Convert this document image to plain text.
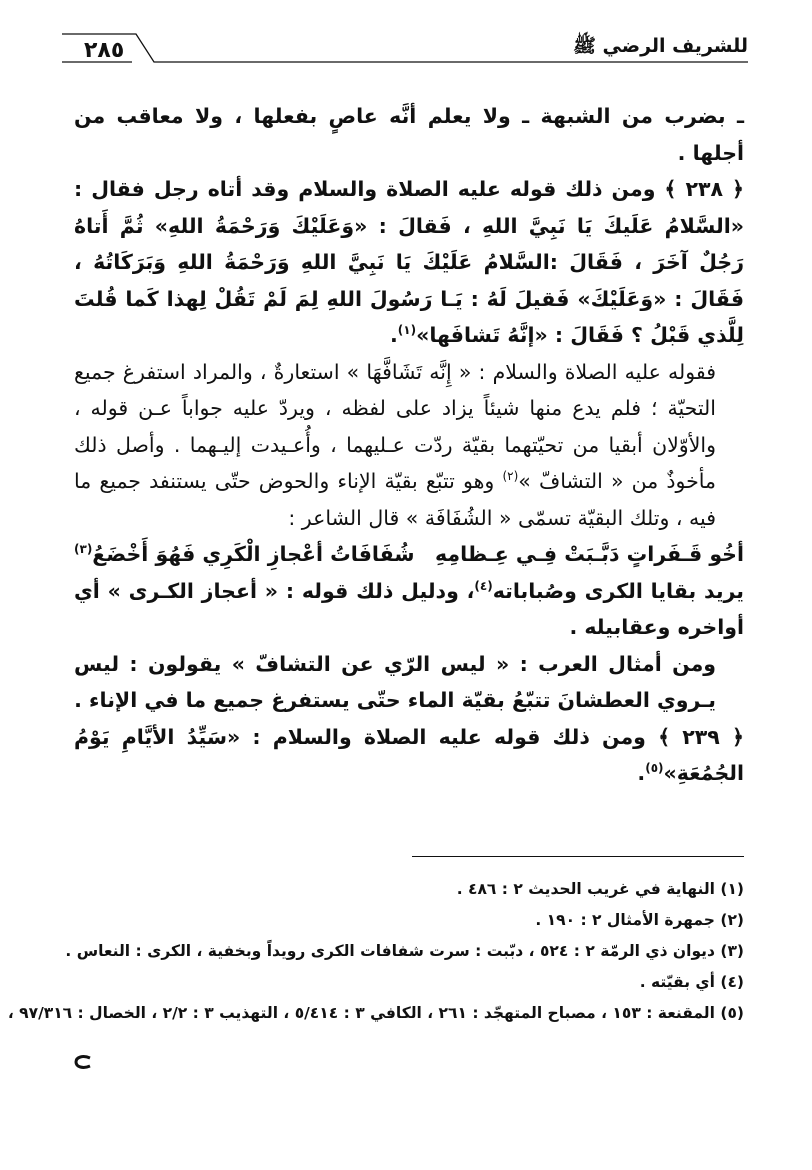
للشريف الرضي ﷺ
٢٨٥

ـ بضرب من الشبهة ـ ولا يعلم أنَّه عاصٍ بفعلها ، ولا معاقب من أجلها .

﴿ ٢٣٨ ﴾ ومن ذلك قوله عليه الصلاة والسلام وقد أتاه رجل فقال : «السَّلامُ عَلَيكَ يَا نَبِيَّ اللهِ ، فَقالَ : «وَعَلَيْكَ وَرَحْمَةُ اللهِ» ثُمَّ أَتاهُ رَجُلٌ آخَرَ ، فَقَالَ :السَّلامُ عَلَيْكَ يَا نَبِيَّ اللهِ وَرَحْمَةُ اللهِ وَبَرَكَاتُهُ ، فَقَالَ : «وَعَلَيْكَ» فَقيلَ لَهُ : يَـا رَسُولَ اللهِ لِمَ لَمْ تَقُلْ لِهذا كَما قُلتَ لِلَّذي قَبْلُ ؟ فَقَالَ : «إنَّهُ تَشافَها»$^{(١)}$.

فقوله عليه الصلاة والسلام : « إِنَّه تَشَافَّهَا » استعارةٌ ، والمراد استفرغ جميع التحيّة ؛ فلم يدع منها شيئاً يزاد على لفظه ، ويردّ عليه جواباً عـن قوله ، والأوّلان أبقيا من تحيّتهما بقيّة ردّت عـليهما ، وأُعـيدت إليـهما . وأصل ذلك مأخوذٌ من « التشافّ »$^{(٢)}$ وهو تتبّع بقيّة الإناء والحوض حتّى يستنفد جميع ما فيه ، وتلك البقيّة تسمّى « الشُفَافَة » قال الشاعر :

أخُو قَـفَراتٍ دَبَّـبَتْ فِـي عِـظامِهِ
شُفَافَاتُ أعْجازِ الْكَرِي فَهُوَ أَخْضَعُ$^{(٣)}$

يريد بقايا الكرى وصُباباته$^{(٤)}$، ودليل ذلك قوله : « أعجاز الكـرى » أي أواخره وعقابيله .

ومن أمثال العرب : « ليس الرّي عن التشافّ » يقولون : ليس يـروي العطشانَ تتبّعُ بقيّة الماء حتّى يستفرغ جميع ما في الإناء .

﴿ ٢٣٩ ﴾ ومن ذلك قوله عليه الصلاة والسلام : «سَيِّدُ الأيَّامِ يَوْمُ الجُمُعَةِ»$^{(٥)}$.

(١) النهاية في غريب الحديث ٢ : ٤٨٦ .
(٢) جمهرة الأمثال ٢ : ١٩٠ .
(٣) ديوان ذي الرمّة ٢ : ٥٢٤ ، دبّبت : سرت شفافات الكرى رويداً وبخفية ، الكرى : النعاس .
(٤) أي بقيّته .
(٥) المقنعة : ١٥٣ ، مصباح المتهجّد : ٢٦١ ، الكافي ٣ : ٥/٤١٤ ، التهذيب ٣ : ٢/٢ ، الخصال : ٩٧/٣١٦ ،
